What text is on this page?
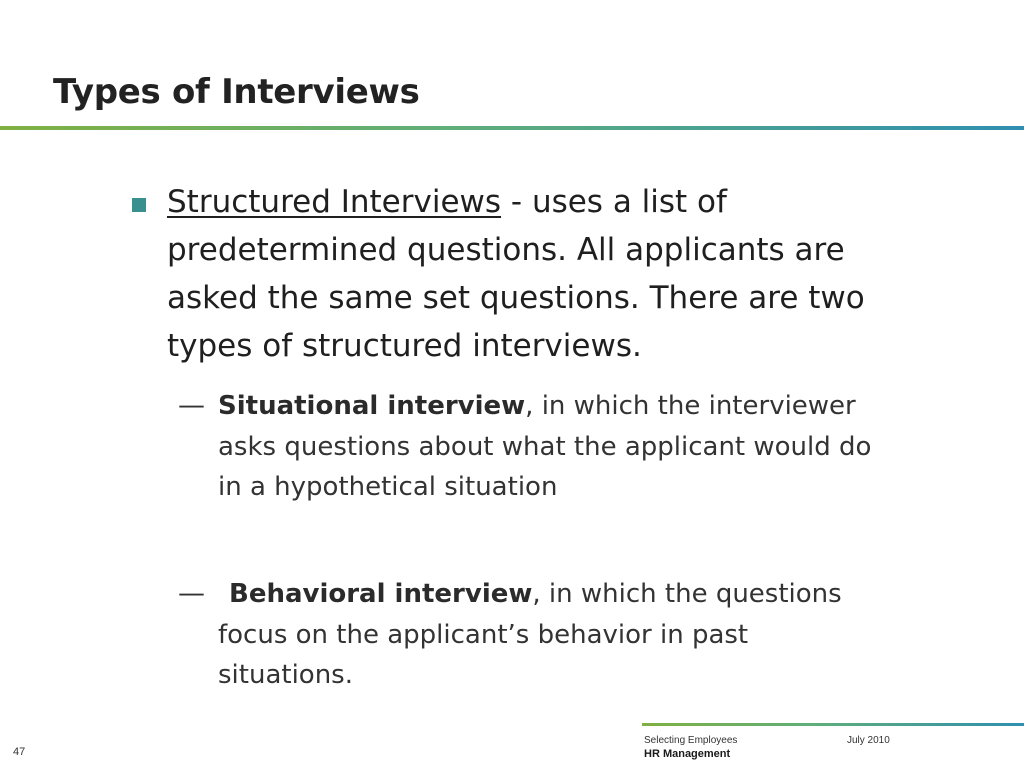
Types of Interviews

Structured Interviews - uses a list of predetermined questions. All applicants are asked the same set questions. There are two types of structured interviews.

— Situational interview, in which the interviewer asks questions about what the applicant would do in a hypothetical situation

— Behavioral interview, in which the questions focus on the applicant’s behavior in past situations.

Selecting Employees	July 2010
HR Management
47
